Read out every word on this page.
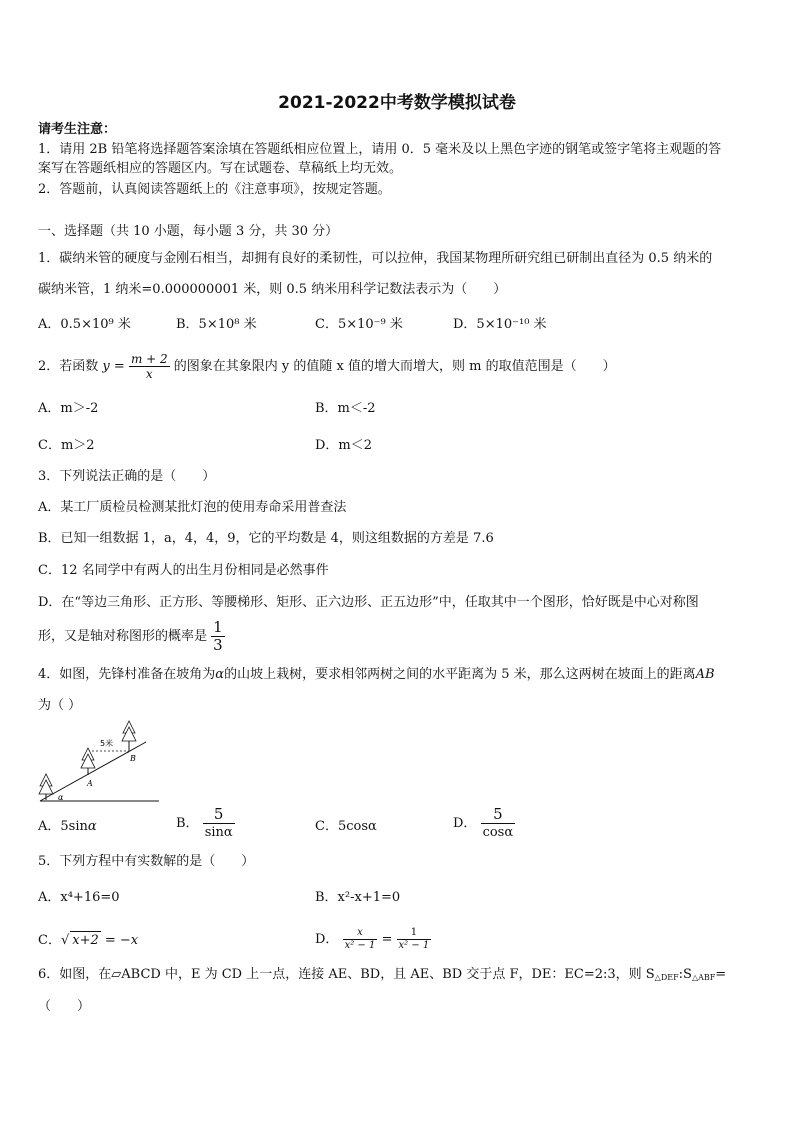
2021-2022中考数学模拟试卷
请考生注意：
1．请用 2B 铅笔将选择题答案涂填在答题纸相应位置上，请用 0．5 毫米及以上黑色字迹的钢笔或签字笔将主观题的答
案写在答题纸相应的答题区内。写在试题卷、草稿纸上均无效。
2．答题前，认真阅读答题纸上的《注意事项》，按规定答题。
一、选择题（共 10 小题，每小题 3 分，共 30 分）
1．碳纳米管的硬度与金刚石相当，却拥有良好的柔韧性，可以拉伸，我国某物理所研究组已研制出直径为 0.5 纳米的
碳纳米管，1 纳米=0.000000001 米，则 0.5 纳米用科学记数法表示为（　　）
A．0.5×10⁹ 米	B．5×10⁸ 米	C．5×10⁻⁹ 米	D．5×10⁻¹⁰ 米
2．若函数 $y = \frac{m + 2}{x}$ 的图象在其象限内 y 的值随 x 值的增大而增大，则 m 的取值范围是（　　）
A．m＞-2	B．m＜-2
C．m＞2	D．m＜2
3．下列说法正确的是（　　）
A．某工厂质检员检测某批灯泡的使用寿命采用普查法
B．已知一组数据 1，a，4，4，9，它的平均数是 4，则这组数据的方差是 7.6
C．12 名同学中有两人的出生月份相同是必然事件
D．在“等边三角形、正方形、等腰梯形、矩形、正六边形、正五边形”中，任取其中一个图形，恰好既是中心对称图
形，又是轴对称图形的概率是 $\frac{1}{3}$
4．如图，先锋村准备在坡角为α的山坡上栽树，要求相邻两树之间的水平距离为 5 米，那么这两树在坡面上的距离AB
为（ ）
5米
A
B
α
A．5sinα	B． $\frac{5}{\sin\alpha}$	C．5cosα	D． $\frac{5}{\cos\alpha}$
5．下列方程中有实数解的是（　　）
A．x⁴+16=0	B．x²-x+1=0
C．√ x+2 = −x	D． $\frac{x}{\text{x² − 1}} = \frac{1}{\text{x² − 1}}$
6．如图，在▱ABCD 中，E 为 CD 上一点，连接 AE、BD，且 AE、BD 交于点 F，DE：EC=2:3，则 $S_{\triangle DEF}:S_{\triangle ABF}=$
（　　）
